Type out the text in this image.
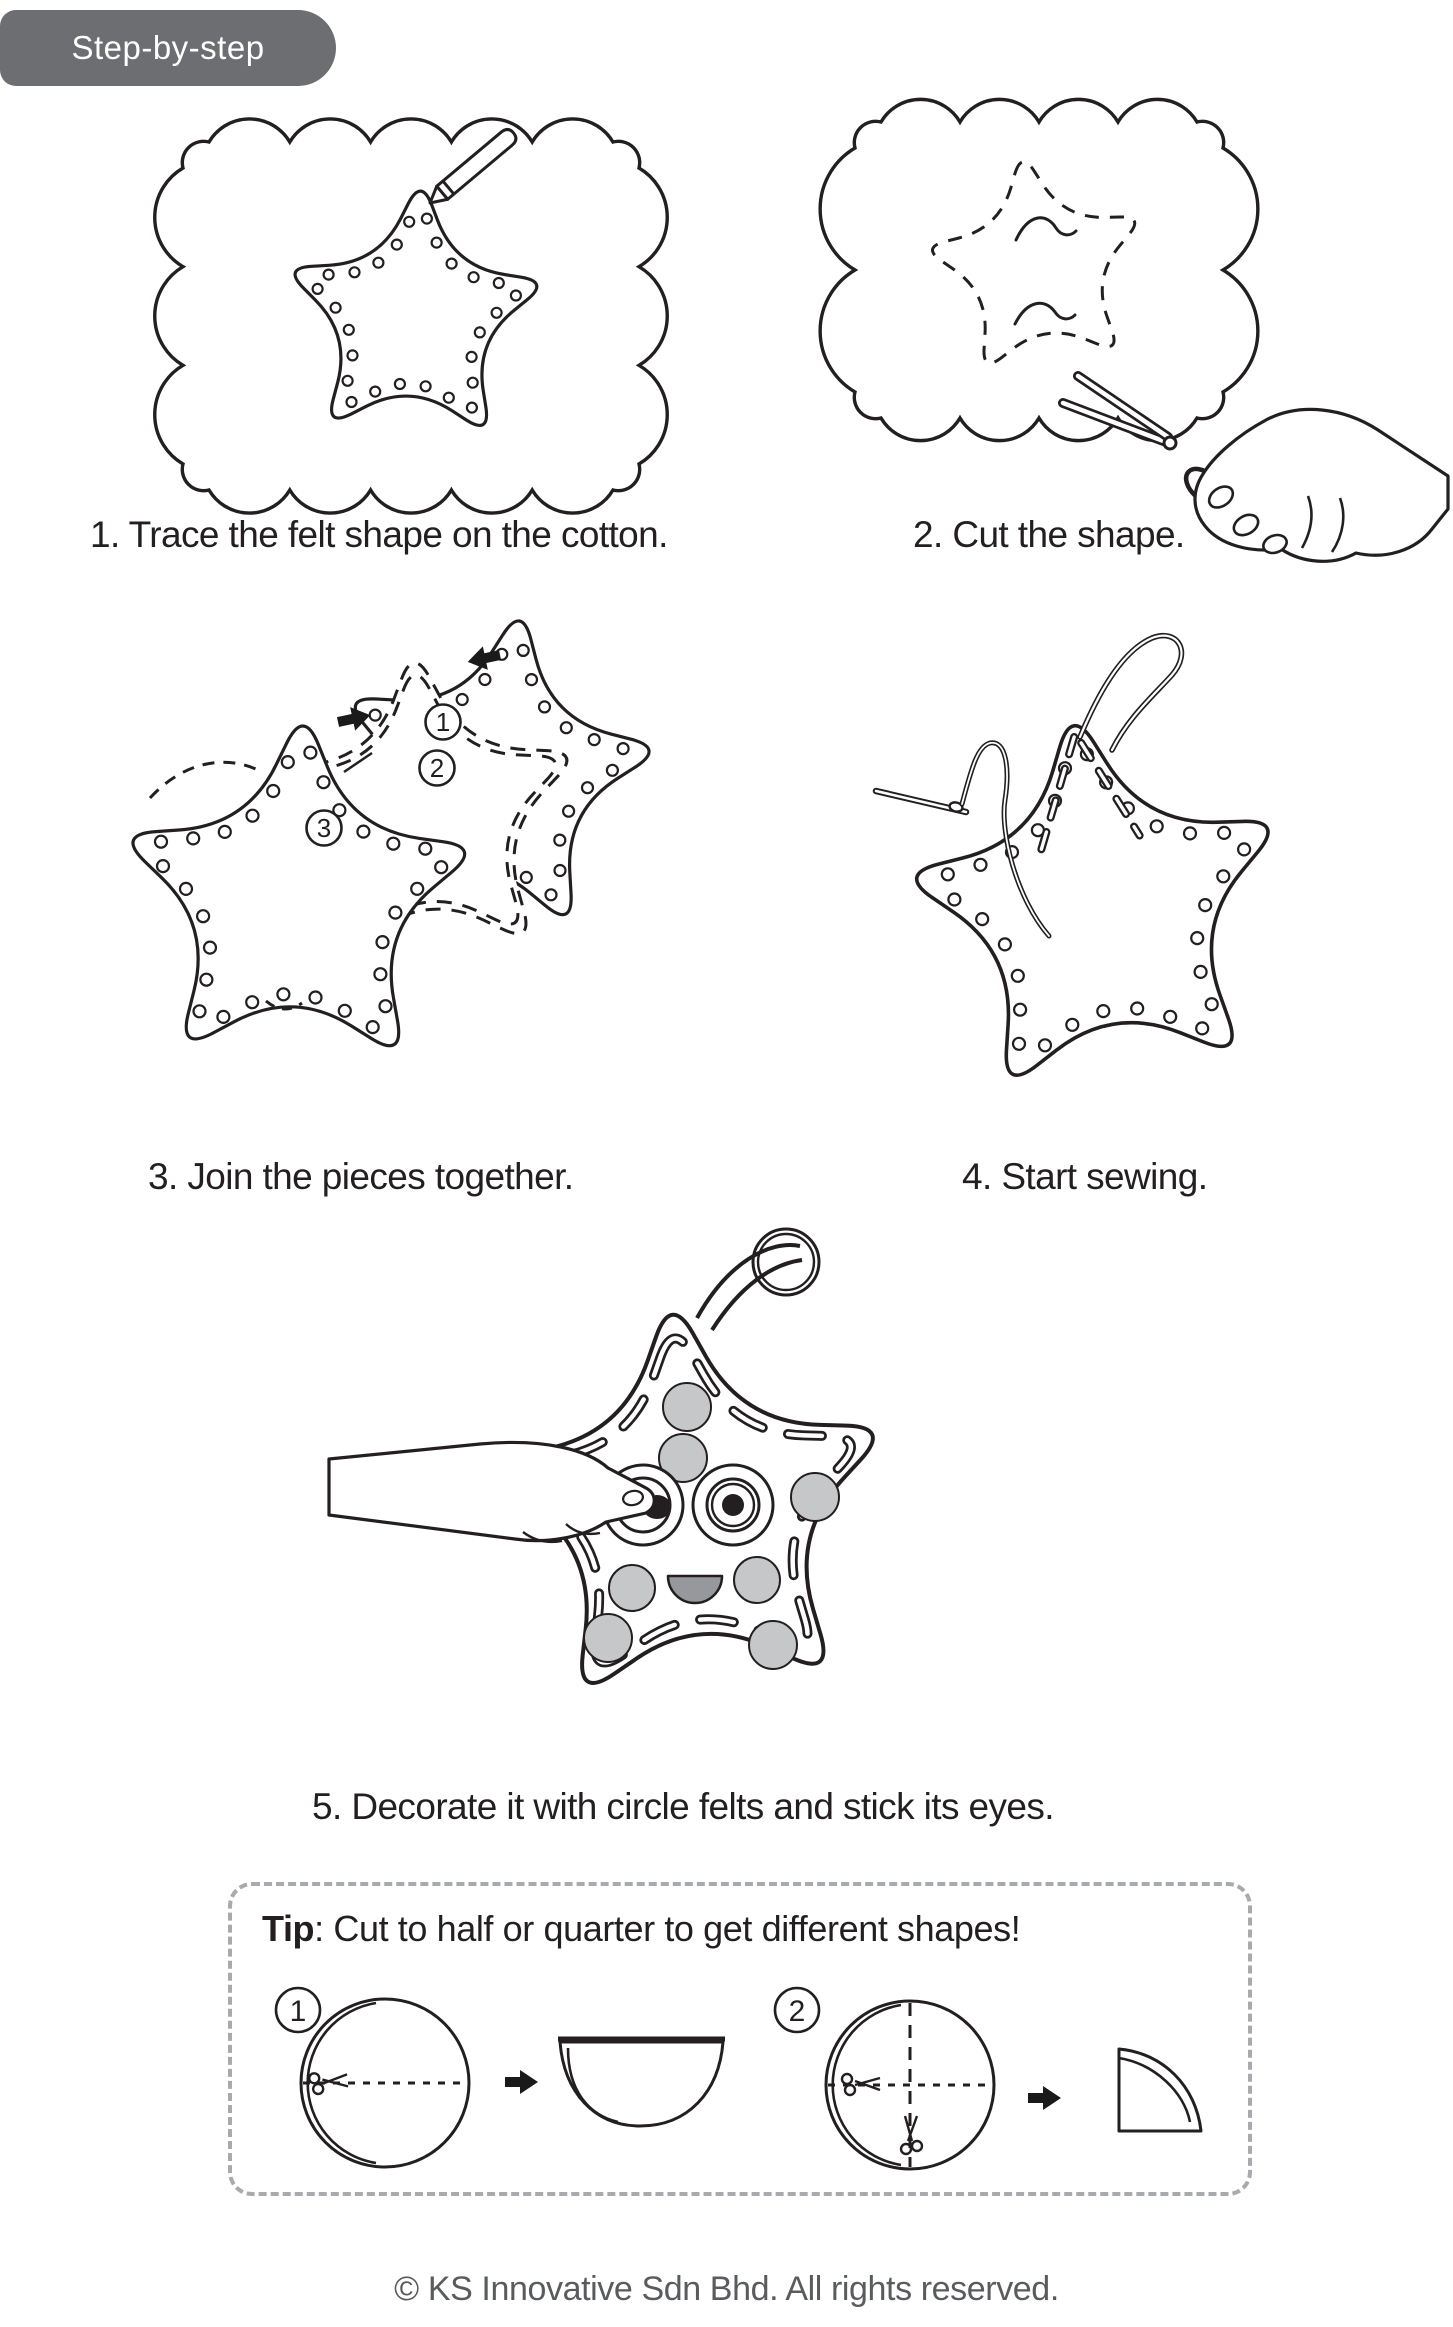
1
2
3
1	2
Step-by-step
1. Trace the felt shape on the cotton.	2. Cut the shape.
3. Join the pieces together.	4. Start sewing.
5. Decorate it with circle felts and stick its eyes.
Tip: Cut to half or quarter to get different shapes!
© KS Innovative Sdn Bhd. All rights reserved.
